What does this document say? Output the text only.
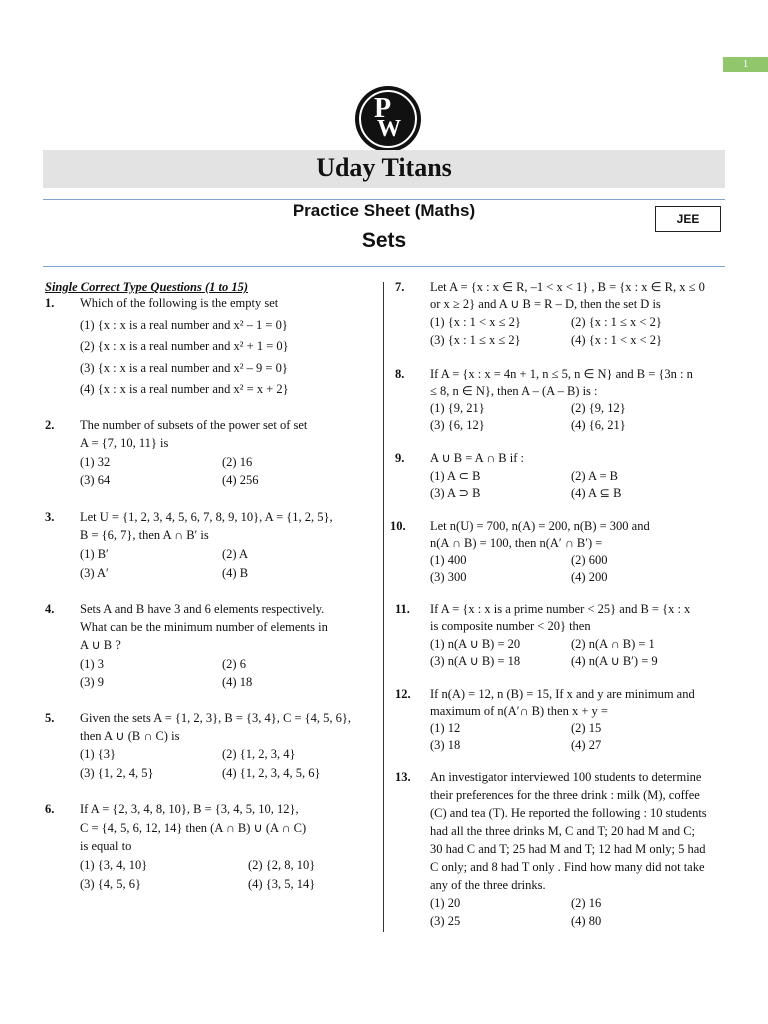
1
P
W
Uday Titans
Practice Sheet (Maths)	JEE
Sets
Single Correct Type Questions (1 to 15)
1. Which of the following is the empty set
(1) {x : x is a real number and x² – 1 = 0}
(2) {x : x is a real number and x² + 1 = 0}
(3) {x : x is a real number and x² – 9 = 0}
(4) {x : x is a real number and x² = x + 2}
2. The number of subsets of the power set of set
A = {7, 10, 11} is
(1) 32	(2) 16
(3) 64	(4) 256
3. Let U = {1, 2, 3, 4, 5, 6, 7, 8, 9, 10}, A = {1, 2, 5},
B = {6, 7}, then A ∩ B′ is
(1) B′	(2) A
(3) A′	(4) B
4. Sets A and B have 3 and 6 elements respectively.
What can be the minimum number of elements in
A ∪ B ?
(1) 3	(2) 6
(3) 9	(4) 18
5. Given the sets A = {1, 2, 3}, B = {3, 4}, C = {4, 5, 6},
then A ∪ (B ∩ C) is
(1) {3}	(2) {1, 2, 3, 4}
(3) {1, 2, 4, 5}	(4) {1, 2, 3, 4, 5, 6}
6. If A = {2, 3, 4, 8, 10}, B = {3, 4, 5, 10, 12},
C = {4, 5, 6, 12, 14} then (A ∩ B) ∪ (A ∩ C)
is equal to
(1) {3, 4, 10}	(2) {2, 8, 10}
(3) {4, 5, 6}	(4) {3, 5, 14}
7. Let A = {x : x ∈ R, –1 < x < 1} , B = {x : x ∈ R, x ≤ 0
or x ≥ 2} and A ∪ B = R – D, then the set D is
(1) {x : 1 < x ≤ 2}	(2) {x : 1 ≤ x < 2}
(3) {x : 1 ≤ x ≤ 2}	(4) {x : 1 < x < 2}
8. If A = {x : x = 4n + 1, n ≤ 5, n ∈ N} and B = {3n : n
≤ 8, n ∈ N}, then A – (A – B) is :
(1) {9, 21}	(2) {9, 12}
(3) {6, 12}	(4) {6, 21}
9. A ∪ B = A ∩ B if :
(1) A ⊂ B	(2) A = B
(3) A ⊃ B	(4) A ⊆ B
10. Let n(U) = 700, n(A) = 200, n(B) = 300 and
n(A ∩ B) = 100, then n(A′ ∩ B′) =
(1) 400	(2) 600
(3) 300	(4) 200
11. If A = {x : x is a prime number < 25} and B = {x : x
is composite number < 20} then
(1) n(A ∪ B) = 20	(2) n(A ∩ B) = 1
(3) n(A ∪ B) = 18	(4) n(A ∪ B′) = 9
12. If n(A) = 12, n (B) = 15, If x and y are minimum and
maximum of n(A′∩ B) then x + y =
(1) 12	(2) 15
(3) 18	(4) 27
13. An investigator interviewed 100 students to determine
their preferences for the three drink : milk (M), coffee
(C) and tea (T). He reported the following : 10 students
had all the three drinks M, C and T; 20 had M and C;
30 had C and T; 25 had M and T; 12 had M only; 5 had
C only; and 8 had T only . Find how many did not take
any of the three drinks.
(1) 20	(2) 16
(3) 25	(4) 80
